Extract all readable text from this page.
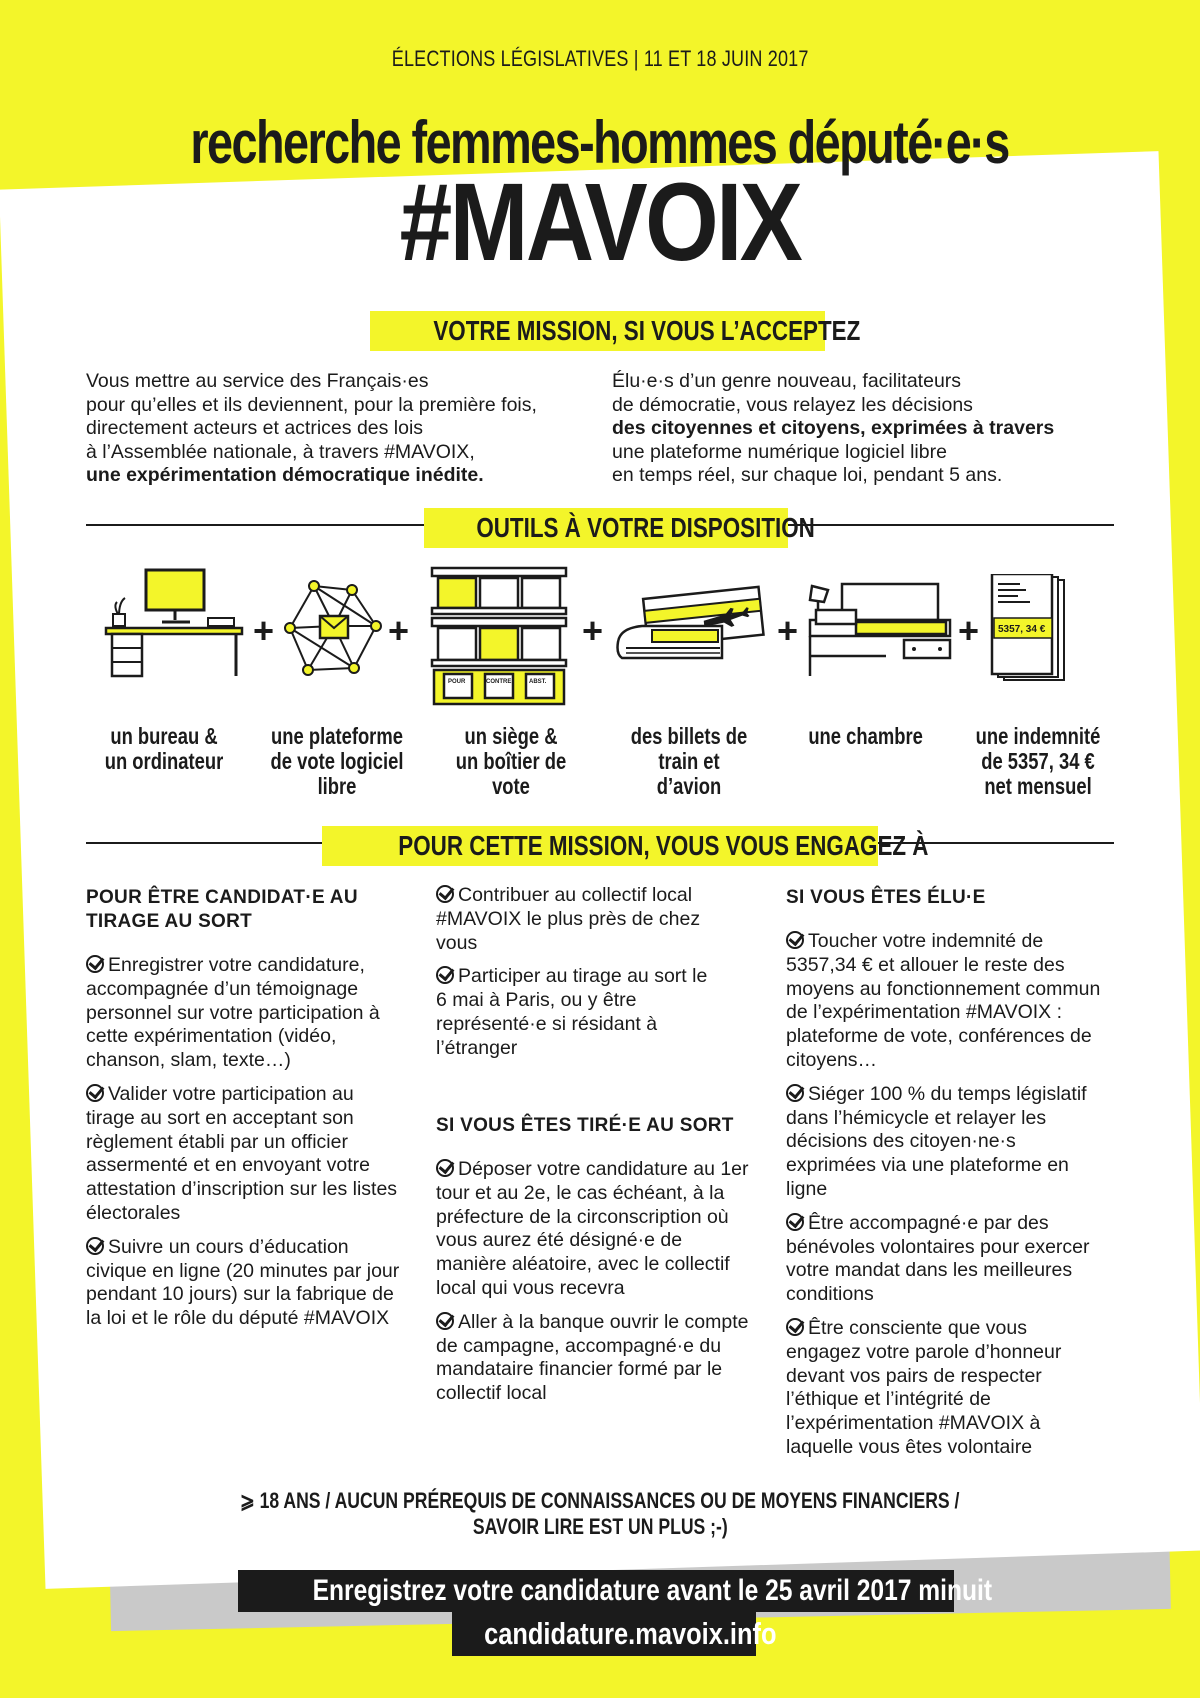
ÉLECTIONS LÉGISLATIVES | 11 ET 18 JUIN 2017
recherche femmes-hommes député·e·s
#MAVOIX
VOTRE MISSION, SI VOUS L’ACCEPTEZ
Vous mettre au service des Français·es
pour qu’elles et ils deviennent, pour la première fois,
directement acteurs et actrices des lois
à l’Assemblée nationale, à travers #MAVOIX,
une expérimentation démocratique inédite.
Élu·e·s d’un genre nouveau, facilitateurs
de démocratie, vous relayez les décisions
des citoyennes et citoyens, exprimées à travers
une plateforme numérique logiciel libre
en temps réel, sur chaque loi, pendant 5 ans.
OUTILS À VOTRE DISPOSITION
+	+
POUR	CONTRE	ABST.
+	+	+ 5357, 34 €
un bureau & un ordinateur
une plateforme de vote logiciel libre
un siège & un boîtier de vote
des billets de train et d’avion
une chambre	une indemnité de 5357, 34 € net mensuel
POUR CETTE MISSION, VOUS VOUS ENGAGEZ À
POUR ÊTRE CANDIDAT·E AU TIRAGE AU SORT
Enregistrer votre candidature, accompagnée d’un témoignage personnel sur votre participation à cette expérimentation (vidéo, chanson, slam, texte…)
Valider votre participation au tirage au sort en acceptant son règlement établi par un officier assermenté et en envoyant votre attestation d’inscription sur les listes électorales
Suivre un cours d’éducation civique en ligne (20 minutes par jour pendant 10 jours) sur la fabrique de la loi et le rôle du député #MAVOIX
Contribuer au collectif local #MAVOIX le plus près de chez vous
Participer au tirage au sort le 6 mai à Paris, ou y être représenté·e si résidant à l’étranger
SI VOUS ÊTES TIRÉ·E AU SORT
Déposer votre candidature au 1er tour et au 2e, le cas échéant, à la préfecture de la circonscription où vous aurez été désigné·e de manière aléatoire, avec le collectif local qui vous recevra
Aller à la banque ouvrir le compte de campagne, accompagné·e du mandataire financier formé par le collectif local
SI VOUS ÊTES ÉLU·E
Toucher votre indemnité de 5357,34 € et allouer le reste des moyens au fonctionnement commun de l’expérimentation #MAVOIX : plateforme de vote, conférences de citoyens…
Siéger 100 % du temps législatif dans l’hémicycle et relayer les décisions des citoyen·ne·s exprimées via une plateforme en ligne
Être accompagné·e par des bénévoles volontaires pour exercer votre mandat dans les meilleures conditions
Être consciente que vous engagez votre parole d’honneur devant vos pairs de respecter l’éthique et l’intégrité de l’expérimentation #MAVOIX à laquelle vous êtes volontaire
⩾ 18 ANS / AUCUN PRÉREQUIS DE CONNAISSANCES OU DE MOYENS FINANCIERS /
SAVOIR LIRE EST UN PLUS ;-)
Enregistrez votre candidature avant le 25 avril 2017 minuit
candidature.mavoix.info
